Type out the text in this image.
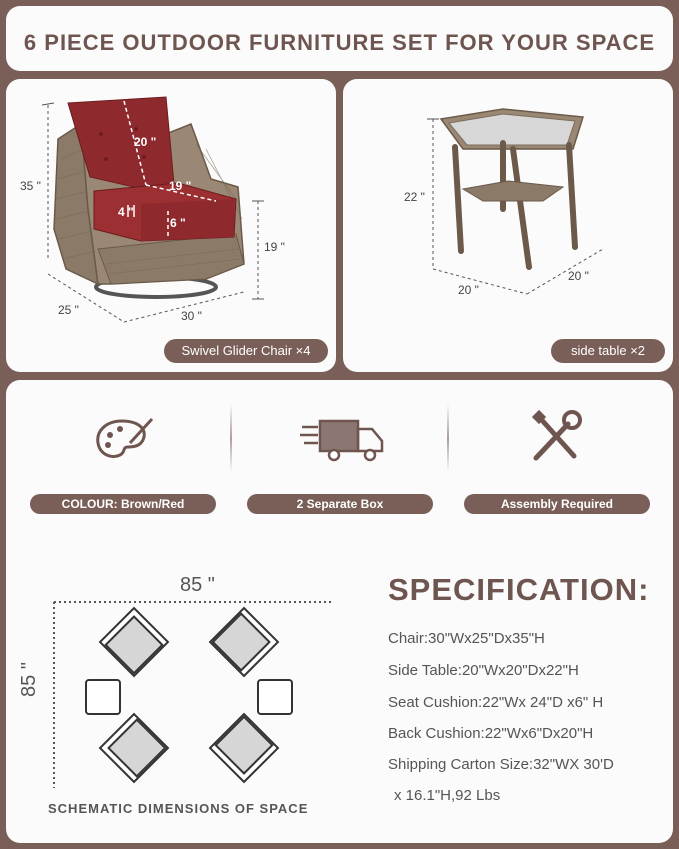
6 PIECE OUTDOOR FURNITURE SET FOR YOUR SPACE
20 "
19 "
4 "
6 "
35 "
19 "
25 "	30 "
Swivel Glider Chair ×4
22 "
20 "
20 "
side table ×2
COLOUR: Brown/Red	2 Separate Box	Assembly Required
85 "
85 "
SCHEMATIC DIMENSIONS OF SPACE
SPECIFICATION:
Chair:30"Wx25"Dx35"H
Side Table:20"Wx20"Dx22"H
Seat Cushion:22"Wx 24"D x6" H
Back Cushion:22"Wx6"Dx20"H
Shipping Carton Size:32"WX 30'D
x 16.1"H,92 Lbs
